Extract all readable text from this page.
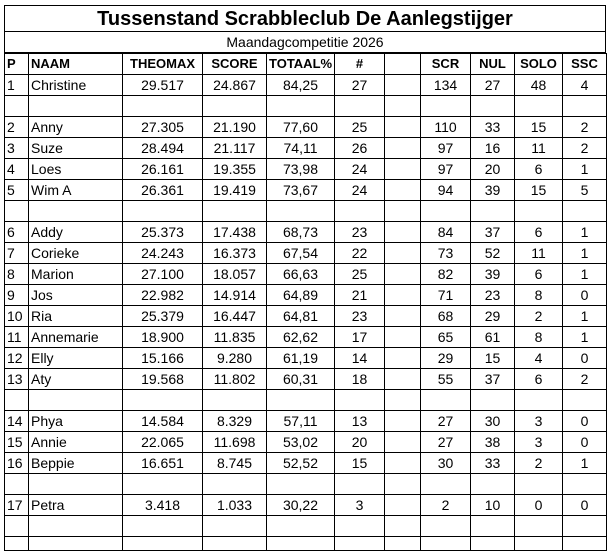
Tussenstand Scrabbleclub De Aanlegstijger
Maandagcompetitie 2026
P	NAAM	THEOMAX	SCORE	TOTAAL%	#		SCR	NUL	SOLO	SSC
1	Christine	29.517	24.867	84,25	27		134	27	48	4

2	Anny	27.305	21.190	77,60	25		110	33	15	2
3	Suze	28.494	21.117	74,11	26		97	16	11	2
4	Loes	26.161	19.355	73,98	24		97	20	6	1
5	Wim A	26.361	19.419	73,67	24		94	39	15	5

6	Addy	25.373	17.438	68,73	23		84	37	6	1
7	Corieke	24.243	16.373	67,54	22		73	52	11	1
8	Marion	27.100	18.057	66,63	25		82	39	6	1
9	Jos	22.982	14.914	64,89	21		71	23	8	0
10	Ria	25.379	16.447	64,81	23		68	29	2	1
11	Annemarie	18.900	11.835	62,62	17		65	61	8	1
12	Elly	15.166	9.280	61,19	14		29	15	4	0
13	Aty	19.568	11.802	60,31	18		55	37	6	2

14	Phya	14.584	8.329	57,11	13		27	30	3	0
15	Annie	22.065	11.698	53,02	20		27	38	3	0
16	Beppie	16.651	8.745	52,52	15		30	33	2	1

17	Petra	3.418	1.033	30,22	3		2	10	0	0
